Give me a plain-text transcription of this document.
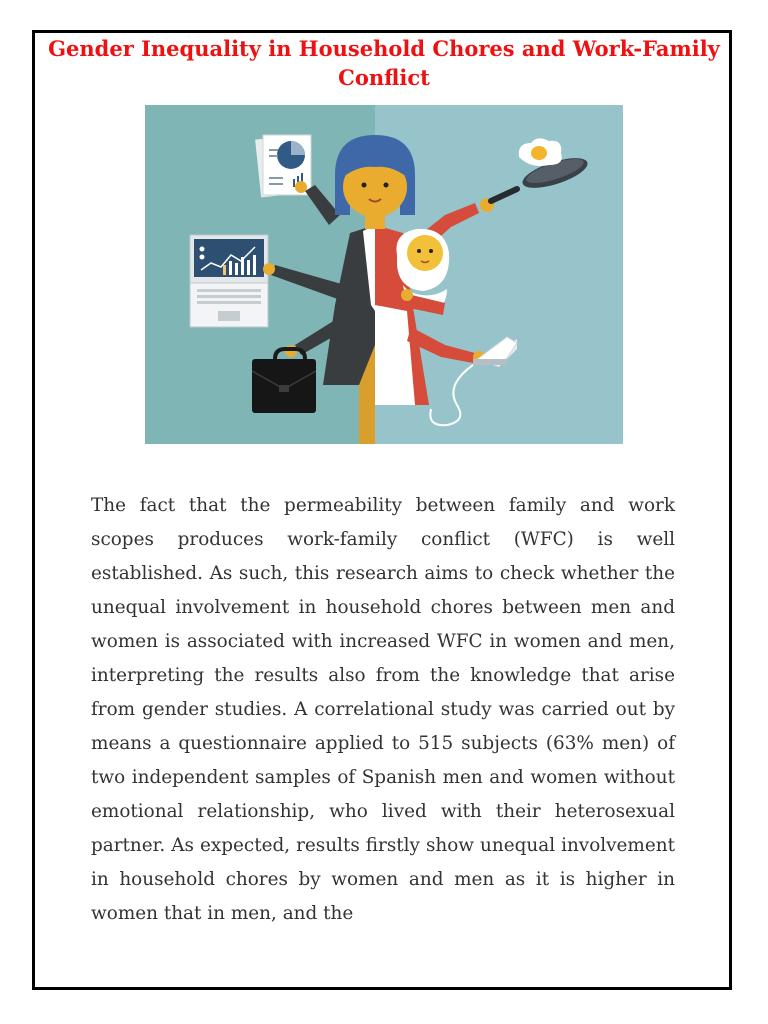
Gender Inequality in Household Chores and Work-Family Conflict

The fact that the permeability between family and work scopes produces work-family conflict (WFC) is well established. As such, this research aims to check whether the unequal involvement in household chores between men and women is associated with increased WFC in women and men, interpreting the results also from the knowledge that arise from gender studies. A correlational study was carried out by means a questionnaire applied to 515 subjects (63% men) of two independent samples of Spanish men and women without emotional relationship, who lived with their heterosexual partner. As expected, results firstly show unequal involvement in household chores by women and men as it is higher in women that in men, and the
